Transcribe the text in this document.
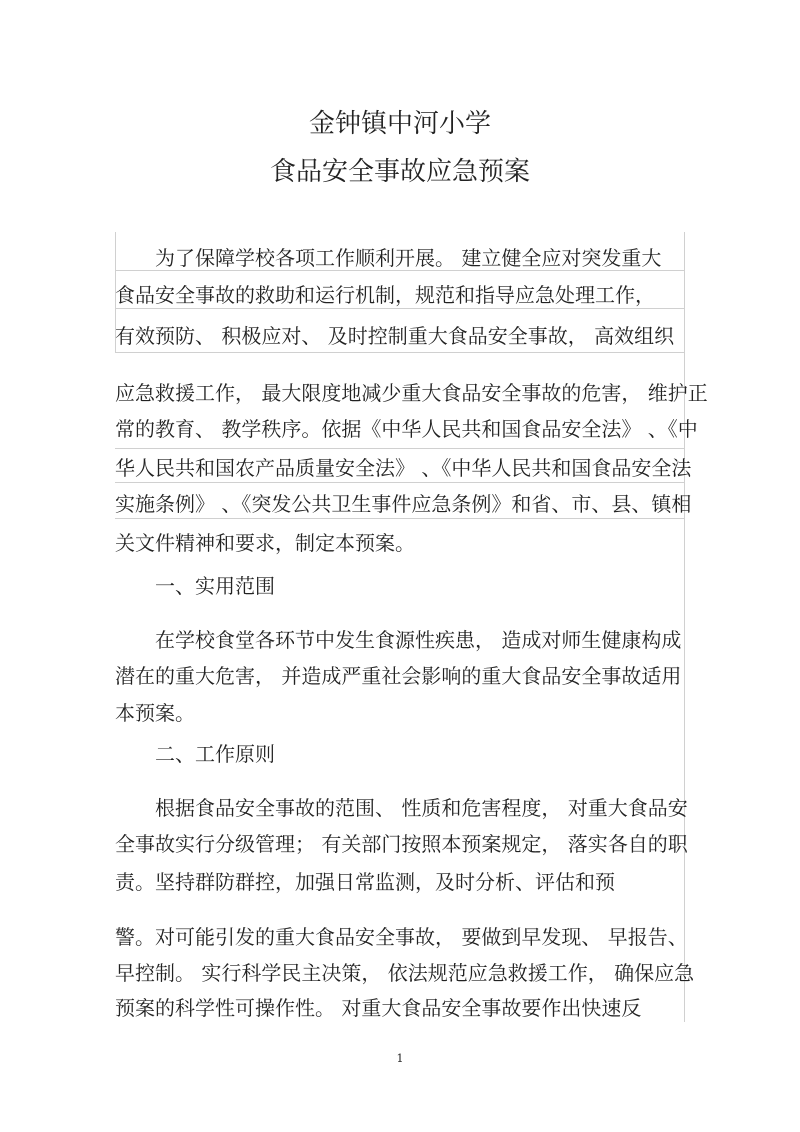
金钟镇中河小学
食品安全事故应急预案

为了保障学校各项工作顺利开展。 建立健全应对突发重大

食品安全事故的救助和运行机制，规范和指导应急处理工作，

有效预防、 积极应对、 及时控制重大食品安全事故， 高效组织

应急救援工作， 最大限度地减少重大食品安全事故的危害， 维护正

常的教育、 教学秩序。依据《中华人民共和国食品安全法》 、《中

华人民共和国农产品质量安全法》 、《中华人民共和国食品安全法

实施条例》 、《突发公共卫生事件应急条例》和省、市、县、镇相

关文件精神和要求，制定本预案。

一、实用范围

在学校食堂各环节中发生食源性疾患， 造成对师生健康构成

潜在的重大危害， 并造成严重社会影响的重大食品安全事故适用

本预案。

二、工作原则

根据食品安全事故的范围、 性质和危害程度， 对重大食品安

全事故实行分级管理； 有关部门按照本预案规定， 落实各自的职

责。坚持群防群控，加强日常监测，及时分析、评估和预

警。对可能引发的重大食品安全事故， 要做到早发现、 早报告、

早控制。 实行科学民主决策， 依法规范应急救援工作， 确保应急

预案的科学性可操作性。 对重大食品安全事故要作出快速反

1
